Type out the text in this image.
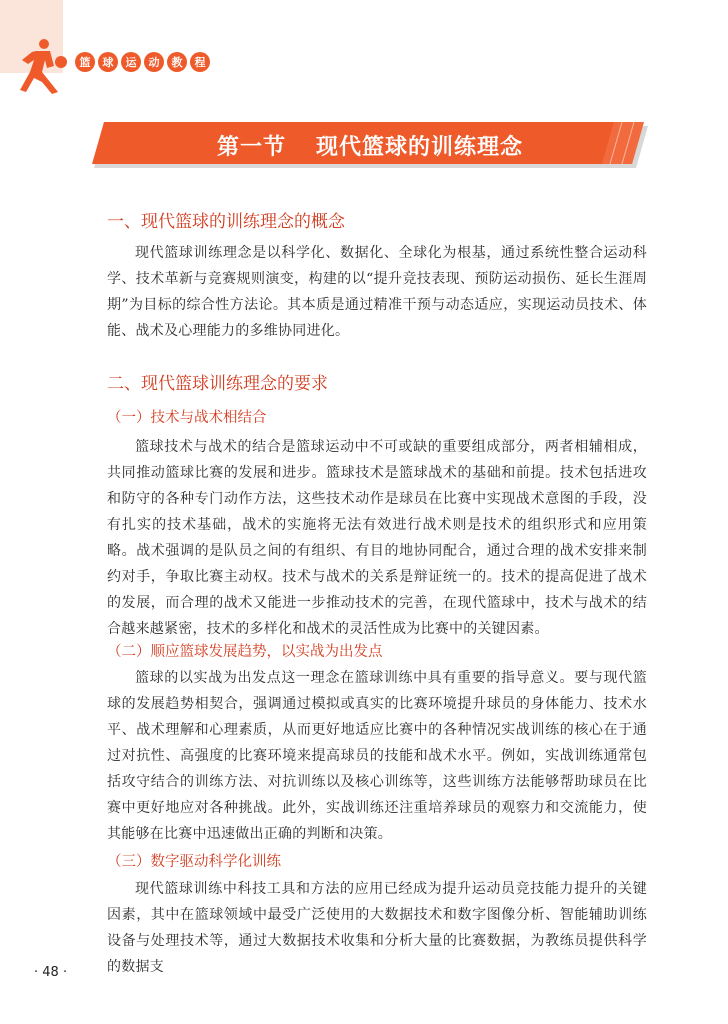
篮	球	运	动	教	程
第一节 现代篮球的训练理念
一、现代篮球的训练理念的概念

现代篮球训练理念是以科学化、数据化、全球化为根基，通过系统性整合运动科学、技术革新与竞赛规则演变，构建的以“提升竞技表现、预防运动损伤、延长生涯周期”为目标的综合性方法论。其本质是通过精准干预与动态适应，实现运动员技术、体能、战术及心理能力的多维协同进化。

二、现代篮球训练理念的要求
（一）技术与战术相结合

篮球技术与战术的结合是篮球运动中不可或缺的重要组成部分，两者相辅相成，共同推动篮球比赛的发展和进步。篮球技术是篮球战术的基础和前提。技术包括进攻和防守的各种专门动作方法，这些技术动作是球员在比赛中实现战术意图的手段，没有扎实的技术基础，战术的实施将无法有效进行战术则是技术的组织形式和应用策略。战术强调的是队员之间的有组织、有目的地协同配合，通过合理的战术安排来制约对手，争取比赛主动权。技术与战术的关系是辩证统一的。技术的提高促进了战术的发展，而合理的战术又能进一步推动技术的完善，在现代篮球中，技术与战术的结合越来越紧密，技术的多样化和战术的灵活性成为比赛中的关键因素。

（二）顺应篮球发展趋势，以实战为出发点

篮球的以实战为出发点这一理念在篮球训练中具有重要的指导意义。要与现代篮球的发展趋势相契合，强调通过模拟或真实的比赛环境提升球员的身体能力、技术水平、战术理解和心理素质，从而更好地适应比赛中的各种情况实战训练的核心在于通过对抗性、高强度的比赛环境来提高球员的技能和战术水平。例如，实战训练通常包括攻守结合的训练方法、对抗训练以及核心训练等，这些训练方法能够帮助球员在比赛中更好地应对各种挑战。此外，实战训练还注重培养球员的观察力和交流能力，使其能够在比赛中迅速做出正确的判断和决策。

（三）数字驱动科学化训练

现代篮球训练中科技工具和方法的应用已经成为提升运动员竞技能力提升的关键因素，其中在篮球领域中最受广泛使用的大数据技术和数字图像分析、智能辅助训练设备与处理技术等，通过大数据技术收集和分析大量的比赛数据，为教练员提供科学的数据支

· 48 ·
